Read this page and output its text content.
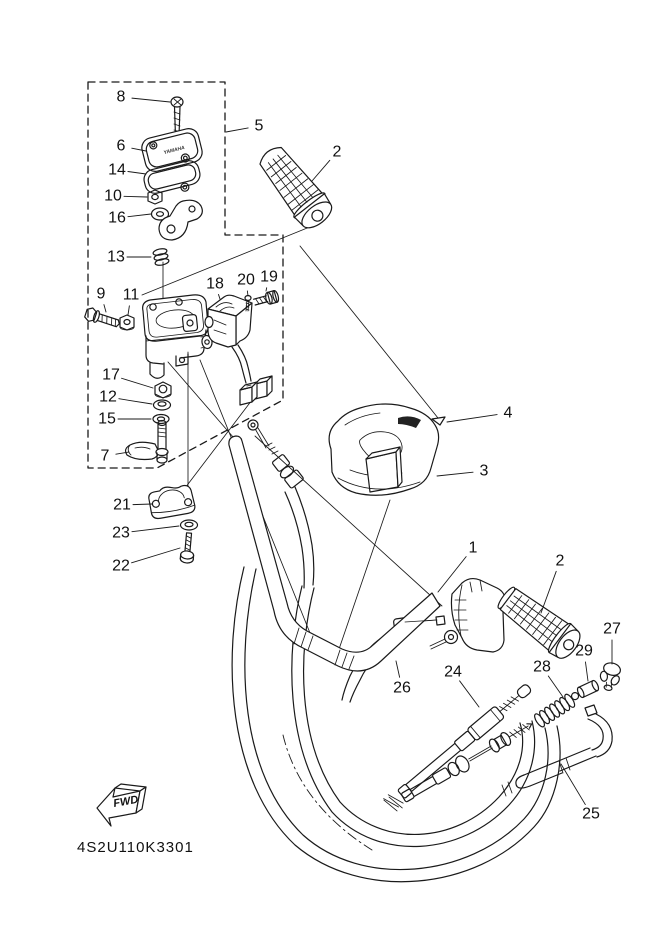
YAMAHA
FWD
4S2U110K3301
1
2
2
3
4
5
6
7
8
9
10
11
12
13
14
15
16
17
18 19
20
21
22
23
24
25
26
27
28
29
